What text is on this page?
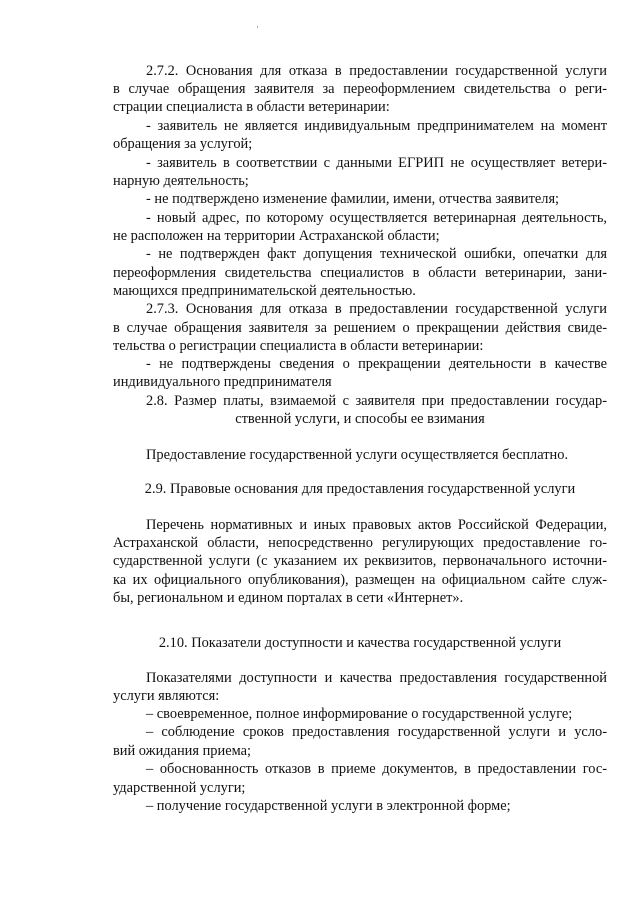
·
2.7.2. Основания для отказа в предоставлении государственной услуги
в случае обращения заявителя за переоформлением свидетельства о реги-
страции специалиста в области ветеринарии:
- заявитель не является индивидуальным предпринимателем на момент
обращения за услугой;
- заявитель в соответствии с данными ЕГРИП не осуществляет ветери-
нарную деятельность;
- не подтверждено изменение фамилии, имени, отчества заявителя;
- новый адрес, по которому осуществляется ветеринарная деятельность,
не расположен на территории Астраханской области;
- не подтвержден факт допущения технической ошибки, опечатки для
переоформления свидетельства специалистов в области ветеринарии, зани-
мающихся предпринимательской деятельностью.
2.7.3. Основания для отказа в предоставлении государственной услуги
в случае обращения заявителя за решением о прекращении действия свиде-
тельства о регистрации специалиста в области ветеринарии:
- не подтверждены сведения о прекращении деятельности в качестве
индивидуального предпринимателя
2.8. Размер платы, взимаемой с заявителя при предоставлении государ-
ственной услуги, и способы ее взимания
Предоставление государственной услуги осуществляется бесплатно.
2.9. Правовые основания для предоставления государственной услуги
Перечень нормативных и иных правовых актов Российской Федерации,
Астраханской области, непосредственно регулирующих предоставление го-
сударственной услуги (с указанием их реквизитов, первоначального источни-
ка их официального опубликования), размещен на официальном сайте служ-
бы, региональном и едином порталах в сети «Интернет».
2.10. Показатели доступности и качества государственной услуги
Показателями доступности и качества предоставления государственной
услуги являются:
– своевременное, полное информирование о государственной услуге;
– соблюдение сроков предоставления государственной услуги и усло-
вий ожидания приема;
– обоснованность отказов в приеме документов, в предоставлении гос-
ударственной услуги;
– получение государственной услуги в электронной форме;
